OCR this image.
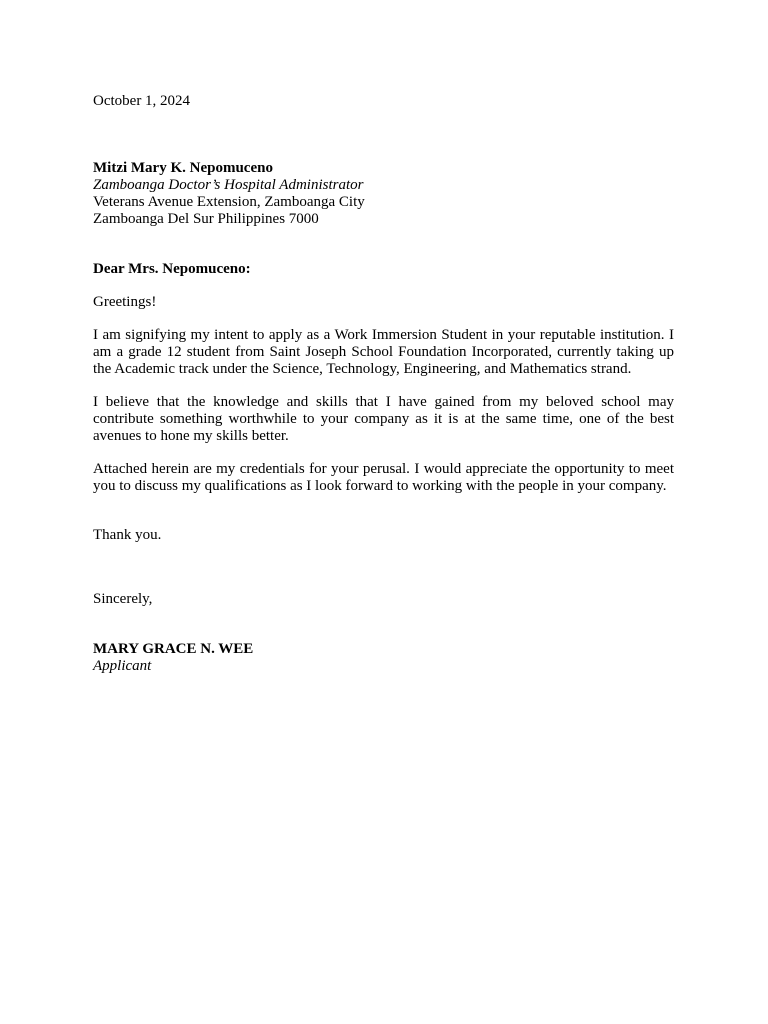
October 1, 2024
Mitzi Mary K. Nepomuceno
Zamboanga Doctor’s Hospital Administrator
Veterans Avenue Extension, Zamboanga City
Zamboanga Del Sur Philippines 7000
Dear Mrs. Nepomuceno:
Greetings!

I am signifying my intent to apply as a Work Immersion Student in your reputable institution. I am a grade 12 student from Saint Joseph School Foundation Incorporated, currently taking up the Academic track under the Science, Technology, Engineering, and Mathematics strand.

I believe that the knowledge and skills that I have gained from my beloved school may contribute something worthwhile to your company as it is at the same time, one of the best avenues to hone my skills better.

Attached herein are my credentials for your perusal. I would appreciate the opportunity to meet you to discuss my qualifications as I look forward to working with the people in your company.

Thank you.
Sincerely,
MARY GRACE N. WEE
Applicant
